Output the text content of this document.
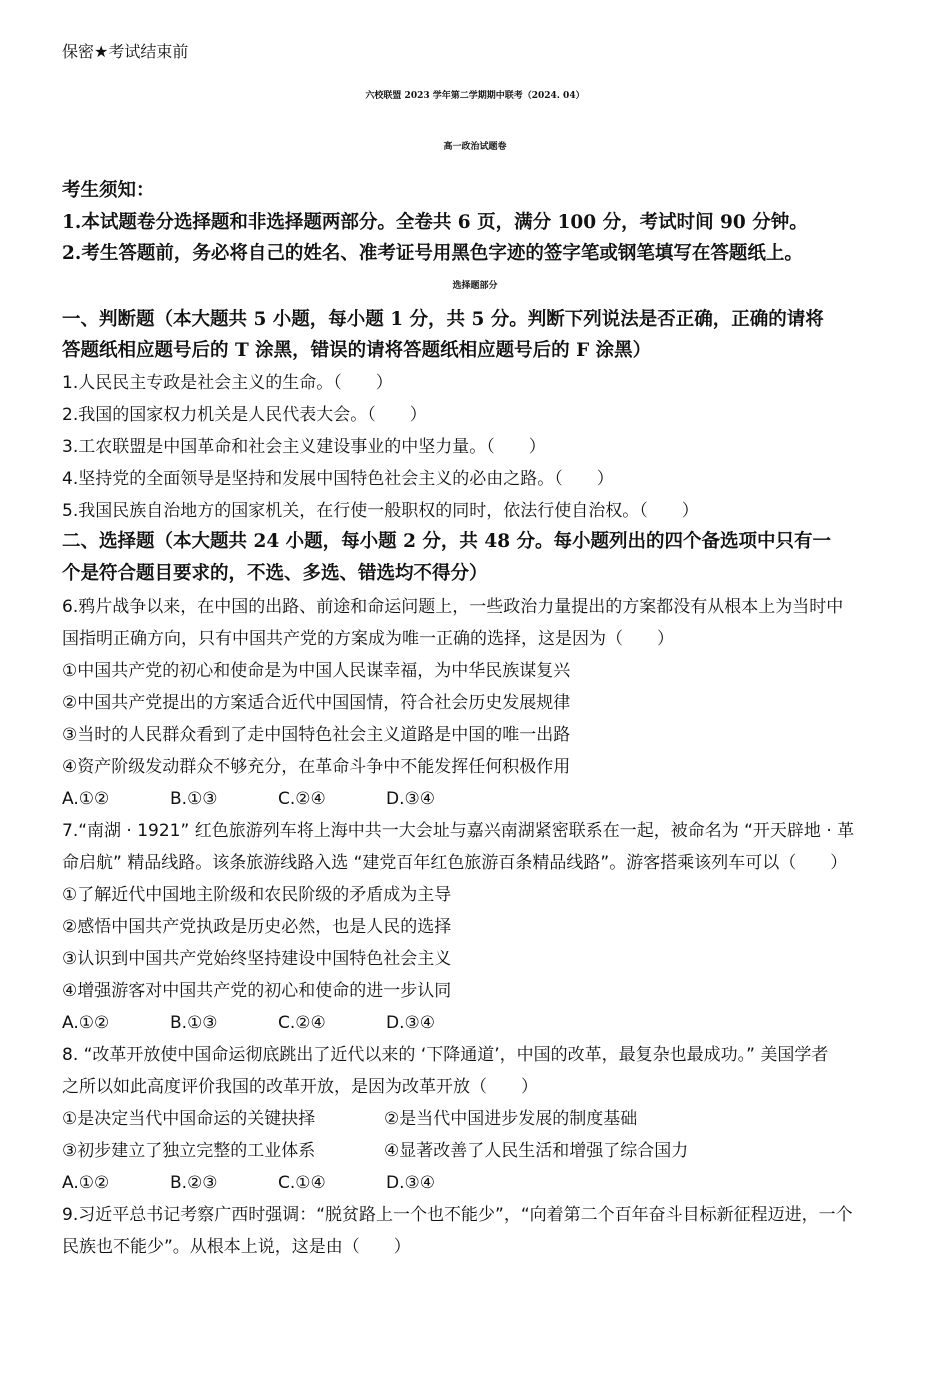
保密★考试结束前
六校联盟 2023 学年第二学期期中联考（2024. 04）
高一政治试题卷
考生须知：
1.本试题卷分选择题和非选择题两部分。全卷共 6 页，满分 100 分，考试时间 90 分钟。
2.考生答题前，务必将自己的姓名、准考证号用黑色字迹的签字笔或钢笔填写在答题纸上。
选择题部分
一、判断题（本大题共 5 小题，每小题 1 分，共 5 分。判断下列说法是否正确，正确的请将
答题纸相应题号后的 T 涂黑，错误的请将答题纸相应题号后的 F 涂黑）
1.人民民主专政是社会主义的生命。（　　）
2.我国的国家权力机关是人民代表大会。（　　）
3.工农联盟是中国革命和社会主义建设事业的中坚力量。（　　）
4.坚持党的全面领导是坚持和发展中国特色社会主义的必由之路。（　　）
5.我国民族自治地方的国家机关，在行使一般职权的同时，依法行使自治权。（　　）
二、选择题（本大题共 24 小题，每小题 2 分，共 48 分。每小题列出的四个备选项中只有一
个是符合题目要求的，不选、多选、错选均不得分）
6.鸦片战争以来，在中国的出路、前途和命运问题上，一些政治力量提出的方案都没有从根本上为当时中
国指明正确方向，只有中国共产党的方案成为唯一正确的选择，这是因为（　　）
①中国共产党的初心和使命是为中国人民谋幸福，为中华民族谋复兴
②中国共产党提出的方案适合近代中国国情，符合社会历史发展规律
③当时的人民群众看到了走中国特色社会主义道路是中国的唯一出路
④资产阶级发动群众不够充分，在革命斗争中不能发挥任何积极作用
A.①②	B.①③	C.②④	D.③④
7.“南湖 · 1921” 红色旅游列车将上海中共一大会址与嘉兴南湖紧密联系在一起，被命名为 “开天辟地 · 革
命启航” 精品线路。该条旅游线路入选 “建党百年红色旅游百条精品线路”。游客搭乘该列车可以（　　）
①了解近代中国地主阶级和农民阶级的矛盾成为主导
②感悟中国共产党执政是历史必然，也是人民的选择
③认识到中国共产党始终坚持建设中国特色社会主义
④增强游客对中国共产党的初心和使命的进一步认同
A.①②	B.①③	C.②④	D.③④
8. “改革开放使中国命运彻底跳出了近代以来的 ‘下降通道’，中国的改革，最复杂也最成功。” 美国学者
之所以如此高度评价我国的改革开放，是因为改革开放（　　）
①是决定当代中国命运的关键抉择	②是当代中国进步发展的制度基础
③初步建立了独立完整的工业体系	④显著改善了人民生活和增强了综合国力
A.①②	B.②③	C.①④	D.③④
9.习近平总书记考察广西时强调：“脱贫路上一个也不能少”，“向着第二个百年奋斗目标新征程迈进，一个
民族也不能少”。从根本上说，这是由（　　）
